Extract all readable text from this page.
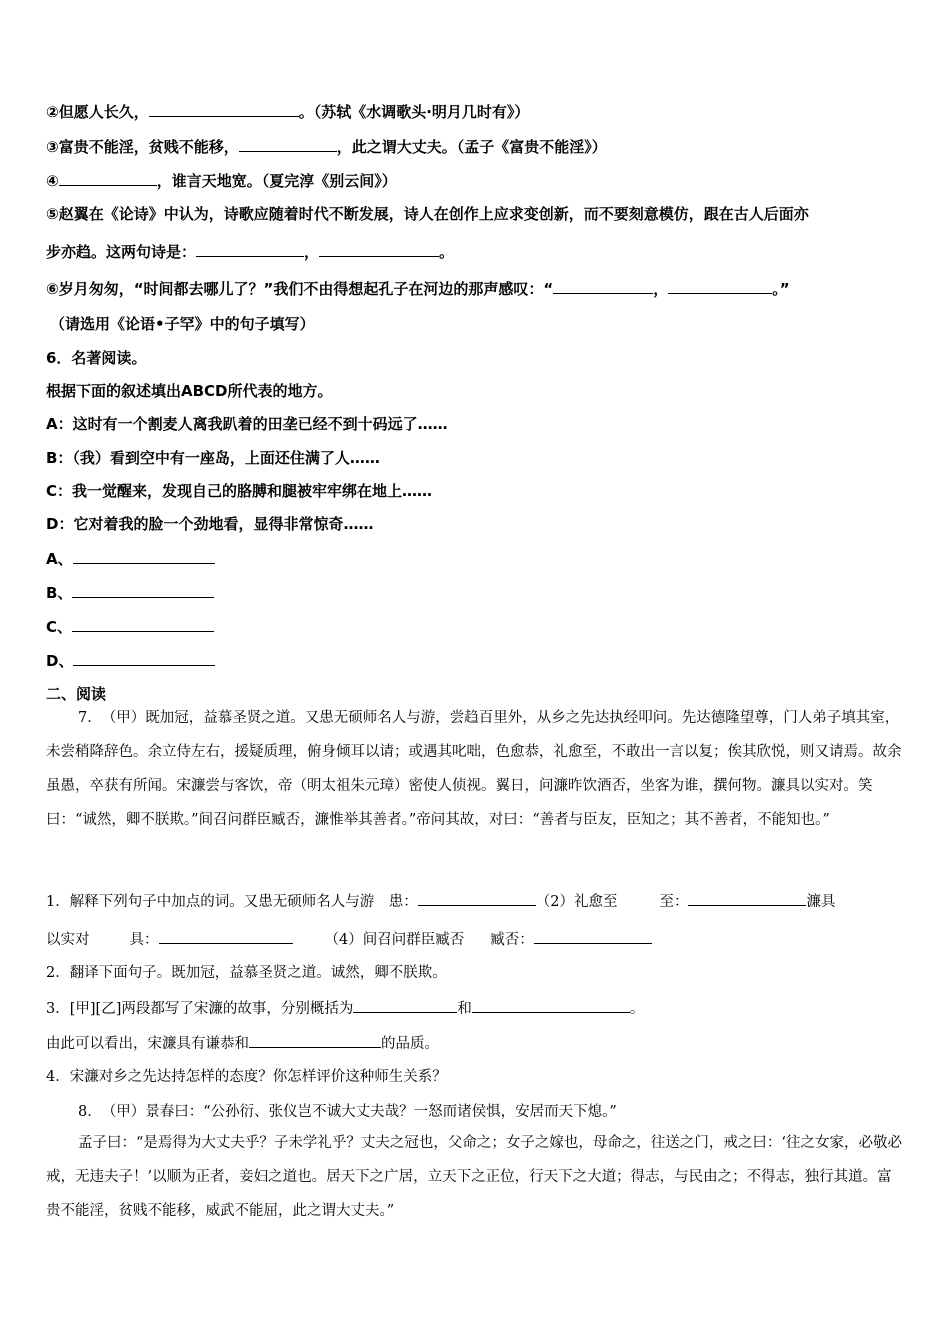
②但愿人长久，	。（苏轼《水调歌头·明月几时有》）
③富贵不能淫，贫贱不能移，	，此之谓大丈夫。（孟子《富贵不能淫》）
④	，谁言天地宽。（夏完淳《别云间》）
⑤赵翼在《论诗》中认为，诗歌应随着时代不断发展，诗人在创作上应求变创新，而不要刻意模仿，跟在古人后面亦
步亦趋。这两句诗是：	，	。
⑥岁月匆匆，“时间都去哪儿了？”我们不由得想起孔子在河边的那声感叹：“	，	。”
（请选用《论语•子罕》中的句子填写）
6．名著阅读。
根据下面的叙述填出ABCD所代表的地方。
A：这时有一个割麦人离我趴着的田垄已经不到十码远了……
B：（我）看到空中有一座岛，上面还住满了人……
C：我一觉醒来，发现自己的胳膊和腿被牢牢绑在地上……
D：它对着我的脸一个劲地看，显得非常惊奇……
A、
B、
C、
D、
二、阅读
7．　（甲）既加冠，益慕圣贤之道。又患无硕师名人与游，尝趋百里外，从乡之先达执经叩问。先达德隆望尊，门人弟子填其室，未尝稍降辞色。余立侍左右，援疑质理，俯身倾耳以请；或遇其叱咄，色愈恭，礼愈至，不敢出一言以复；俟其欣悦，则又请焉。故余虽愚，卒获有所闻。宋濂尝与客饮，帝（明太祖朱元璋）密使人侦视。翼日，问濂昨饮酒否，坐客为谁，撰何物。濂具以实对。笑曰：“诚然，卿不朕欺。”间召问群臣臧否，濂惟举其善者。”帝问其故，对曰：“善者与臣友，臣知之；其不善者，不能知也。”
1．解释下列句子中加点的词。又患无硕师名人与游　患：	（2）礼愈至	至：	濂具
以实对	具：	（4）间召问群臣臧否 臧否：
2．翻译下面句子。既加冠，益慕圣贤之道。诚然，卿不朕欺。
3．[甲][乙]两段都写了宋濂的故事，分别概括为	和	。
由此可以看出，宋濂具有谦恭和	的品质。
4．宋濂对乡之先达持怎样的态度？你怎样评价这种师生关系？
8．　（甲）景春曰：“公孙衍、张仪岂不诚大丈夫哉？一怒而诸侯惧，安居而天下熄。”
孟子曰：“是焉得为大丈夫乎？子未学礼乎？丈夫之冠也，父命之；女子之嫁也，母命之，往送之门，戒之曰：‘往之女家，必敬必戒，无违夫子！’以顺为正者，妾妇之道也。居天下之广居，立天下之正位，行天下之大道；得志，与民由之；不得志，独行其道。富贵不能淫，贫贱不能移，威武不能屈，此之谓大丈夫。”
